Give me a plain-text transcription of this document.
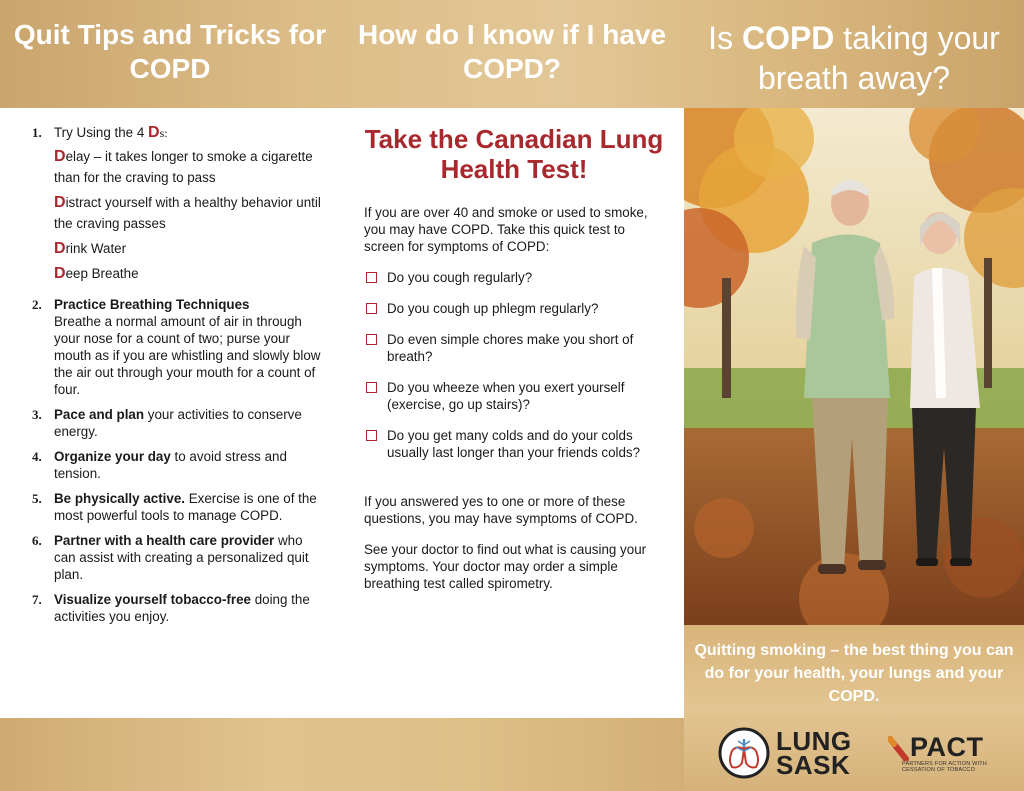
Quit Tips and Tricks for COPD
How do I know if I have COPD?
Is COPD taking your breath away?
1. Try Using the 4 Ds:
Delay – it takes longer to smoke a cigarette than for the craving to pass
Distract yourself with a healthy behavior until the craving passes
Drink Water
Deep Breathe
2. Practice Breathing Techniques
Breathe a normal amount of air in through your nose for a count of two; purse your mouth as if you are whistling and slowly blow the air out through your mouth for a count of four.
3. Pace and plan your activities to conserve energy.
4. Organize your day to avoid stress and tension.
5. Be physically active. Exercise is one of the most powerful tools to manage COPD.
6. Partner with a health care provider who can assist with creating a personalized quit plan.
7. Visualize yourself tobacco-free doing the activities you enjoy.
Take the Canadian Lung Health Test!

If you are over 40 and smoke or used to smoke, you may have COPD. Take this quick test to screen for symptoms of COPD:

Do you cough regularly?
Do you cough up phlegm regularly?
Do even simple chores make you short of breath?
Do you wheeze when you exert yourself (exercise, go up stairs)?
Do you get many colds and do your colds usually last longer than your friends colds?

If you answered yes to one or more of these questions, you may have symptoms of COPD.

See your doctor to find out what is causing your symptoms. Your doctor may order a simple breathing test called spirometry.

Quitting smoking – the best thing you can do for your health, your lungs and your COPD.

LUNG
SASK
PACT
PARTNERS FOR ACTION WITH
CESSATION OF TOBACCO
